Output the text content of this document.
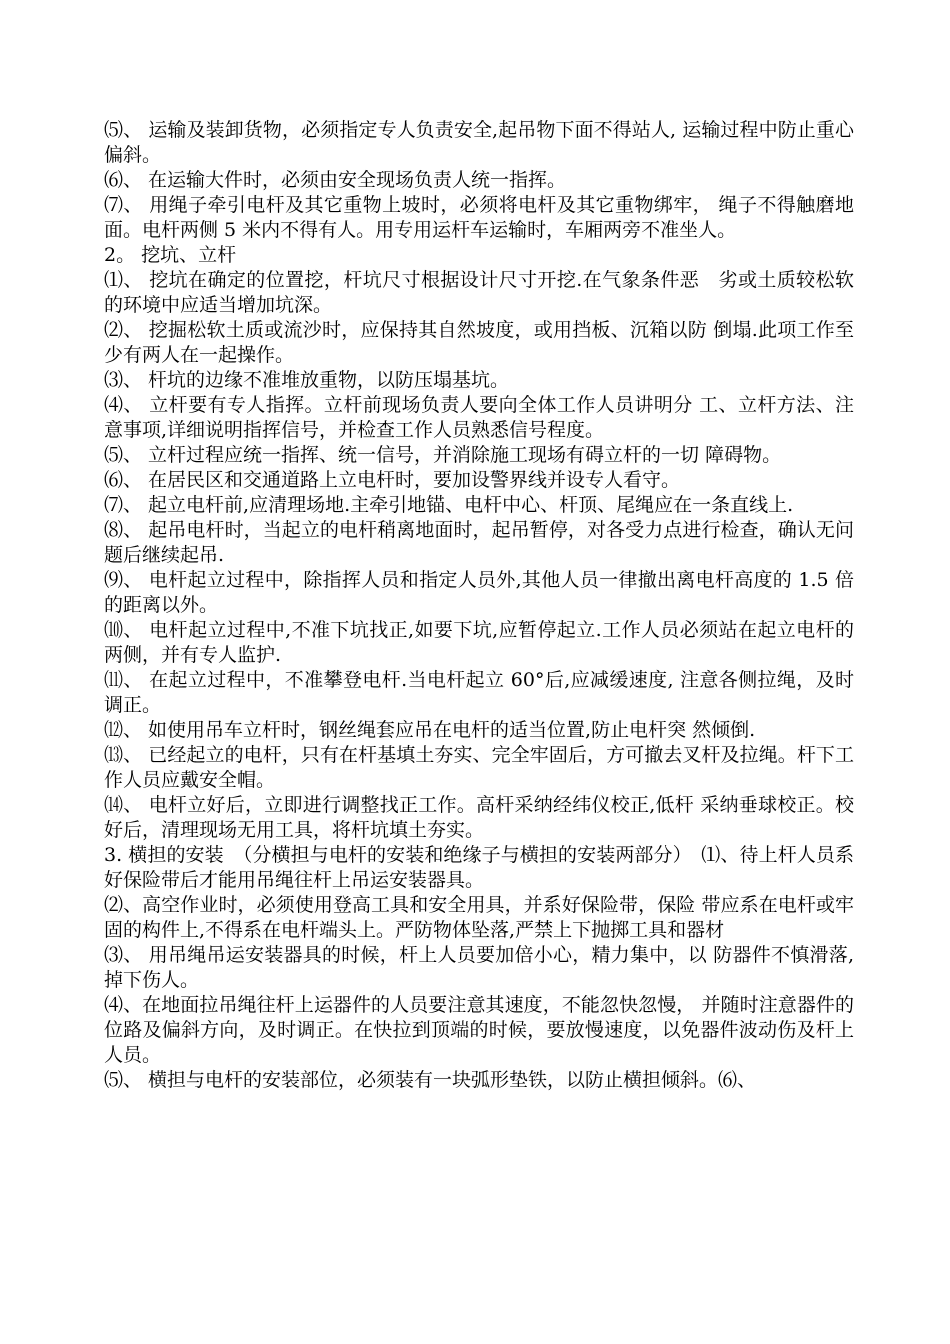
⑸、 运输及装卸货物，必须指定专人负责安全,起吊物下面不得站人, 运输过程中防止重心偏斜。

⑹、 在运输大件时，必须由安全现场负责人统一指挥。

⑺、 用绳子牵引电杆及其它重物上坡时，必须将电杆及其它重物绑牢， 绳子不得触磨地面。电杆两侧 5 米内不得有人。用专用运杆车运输时，车厢两旁不准坐人。

2。 挖坑、立杆

⑴、 挖坑在确定的位置挖，杆坑尺寸根据设计尺寸开挖.在气象条件恶　劣或土质较松软的环境中应适当增加坑深。

⑵、 挖掘松软土质或流沙时，应保持其自然坡度，或用挡板、沉箱以防 倒塌.此项工作至少有两人在一起操作。

⑶、 杆坑的边缘不准堆放重物，以防压塌基坑。

⑷、 立杆要有专人指挥。立杆前现场负责人要向全体工作人员讲明分 工、立杆方法、注意事项,详细说明指挥信号，并检查工作人员熟悉信号程度。

⑸、 立杆过程应统一指挥、统一信号，并消除施工现场有碍立杆的一切 障碍物。

⑹、 在居民区和交通道路上立电杆时，要加设警界线并设专人看守。

⑺、 起立电杆前,应清理场地.主牵引地锚、电杆中心、杆顶、尾绳应在一条直线上.

⑻、 起吊电杆时，当起立的电杆稍离地面时，起吊暂停，对各受力点进行检查，确认无问题后继续起吊.

⑼、 电杆起立过程中，除指挥人员和指定人员外,其他人员一律撤出离电杆高度的 1.5 倍的距离以外。

⑽、 电杆起立过程中,不准下坑找正,如要下坑,应暂停起立.工作人员必须站在起立电杆的两侧，并有专人监护.

⑾、 在起立过程中，不准攀登电杆.当电杆起立 60°后,应减缓速度, 注意各侧拉绳，及时调正。

⑿、 如使用吊车立杆时，钢丝绳套应吊在电杆的适当位置,防止电杆突 然倾倒.

⒀、 已经起立的电杆，只有在杆基填土夯实、完全牢固后，方可撤去叉杆及拉绳。杆下工作人员应戴安全帽。

⒁、 电杆立好后，立即进行调整找正工作。高杆采纳经纬仪校正,低杆 采纳垂球校正。校好后，清理现场无用工具，将杆坑填土夯实。

3. 横担的安装　（分横担与电杆的安装和绝缘子与横担的安装两部分）　⑴、待上杆人员系好保险带后才能用吊绳往杆上吊运安装器具。

⑵、高空作业时，必须使用登高工具和安全用具，并系好保险带，保险 带应系在电杆或牢固的构件上,不得系在电杆端头上。严防物体坠落,严禁上下抛掷工具和器材

⑶、 用吊绳吊运安装器具的时候，杆上人员要加倍小心，精力集中，以 防器件不慎滑落,掉下伤人。

⑷、在地面拉吊绳往杆上运器件的人员要注意其速度，不能忽快忽慢， 并随时注意器件的位路及偏斜方向，及时调正。在快拉到顶端的时候，要放慢速度，以免器件波动伤及杆上人员。

⑸、 横担与电杆的安装部位，必须装有一块弧形垫铁，以防止横担倾斜。⑹、
